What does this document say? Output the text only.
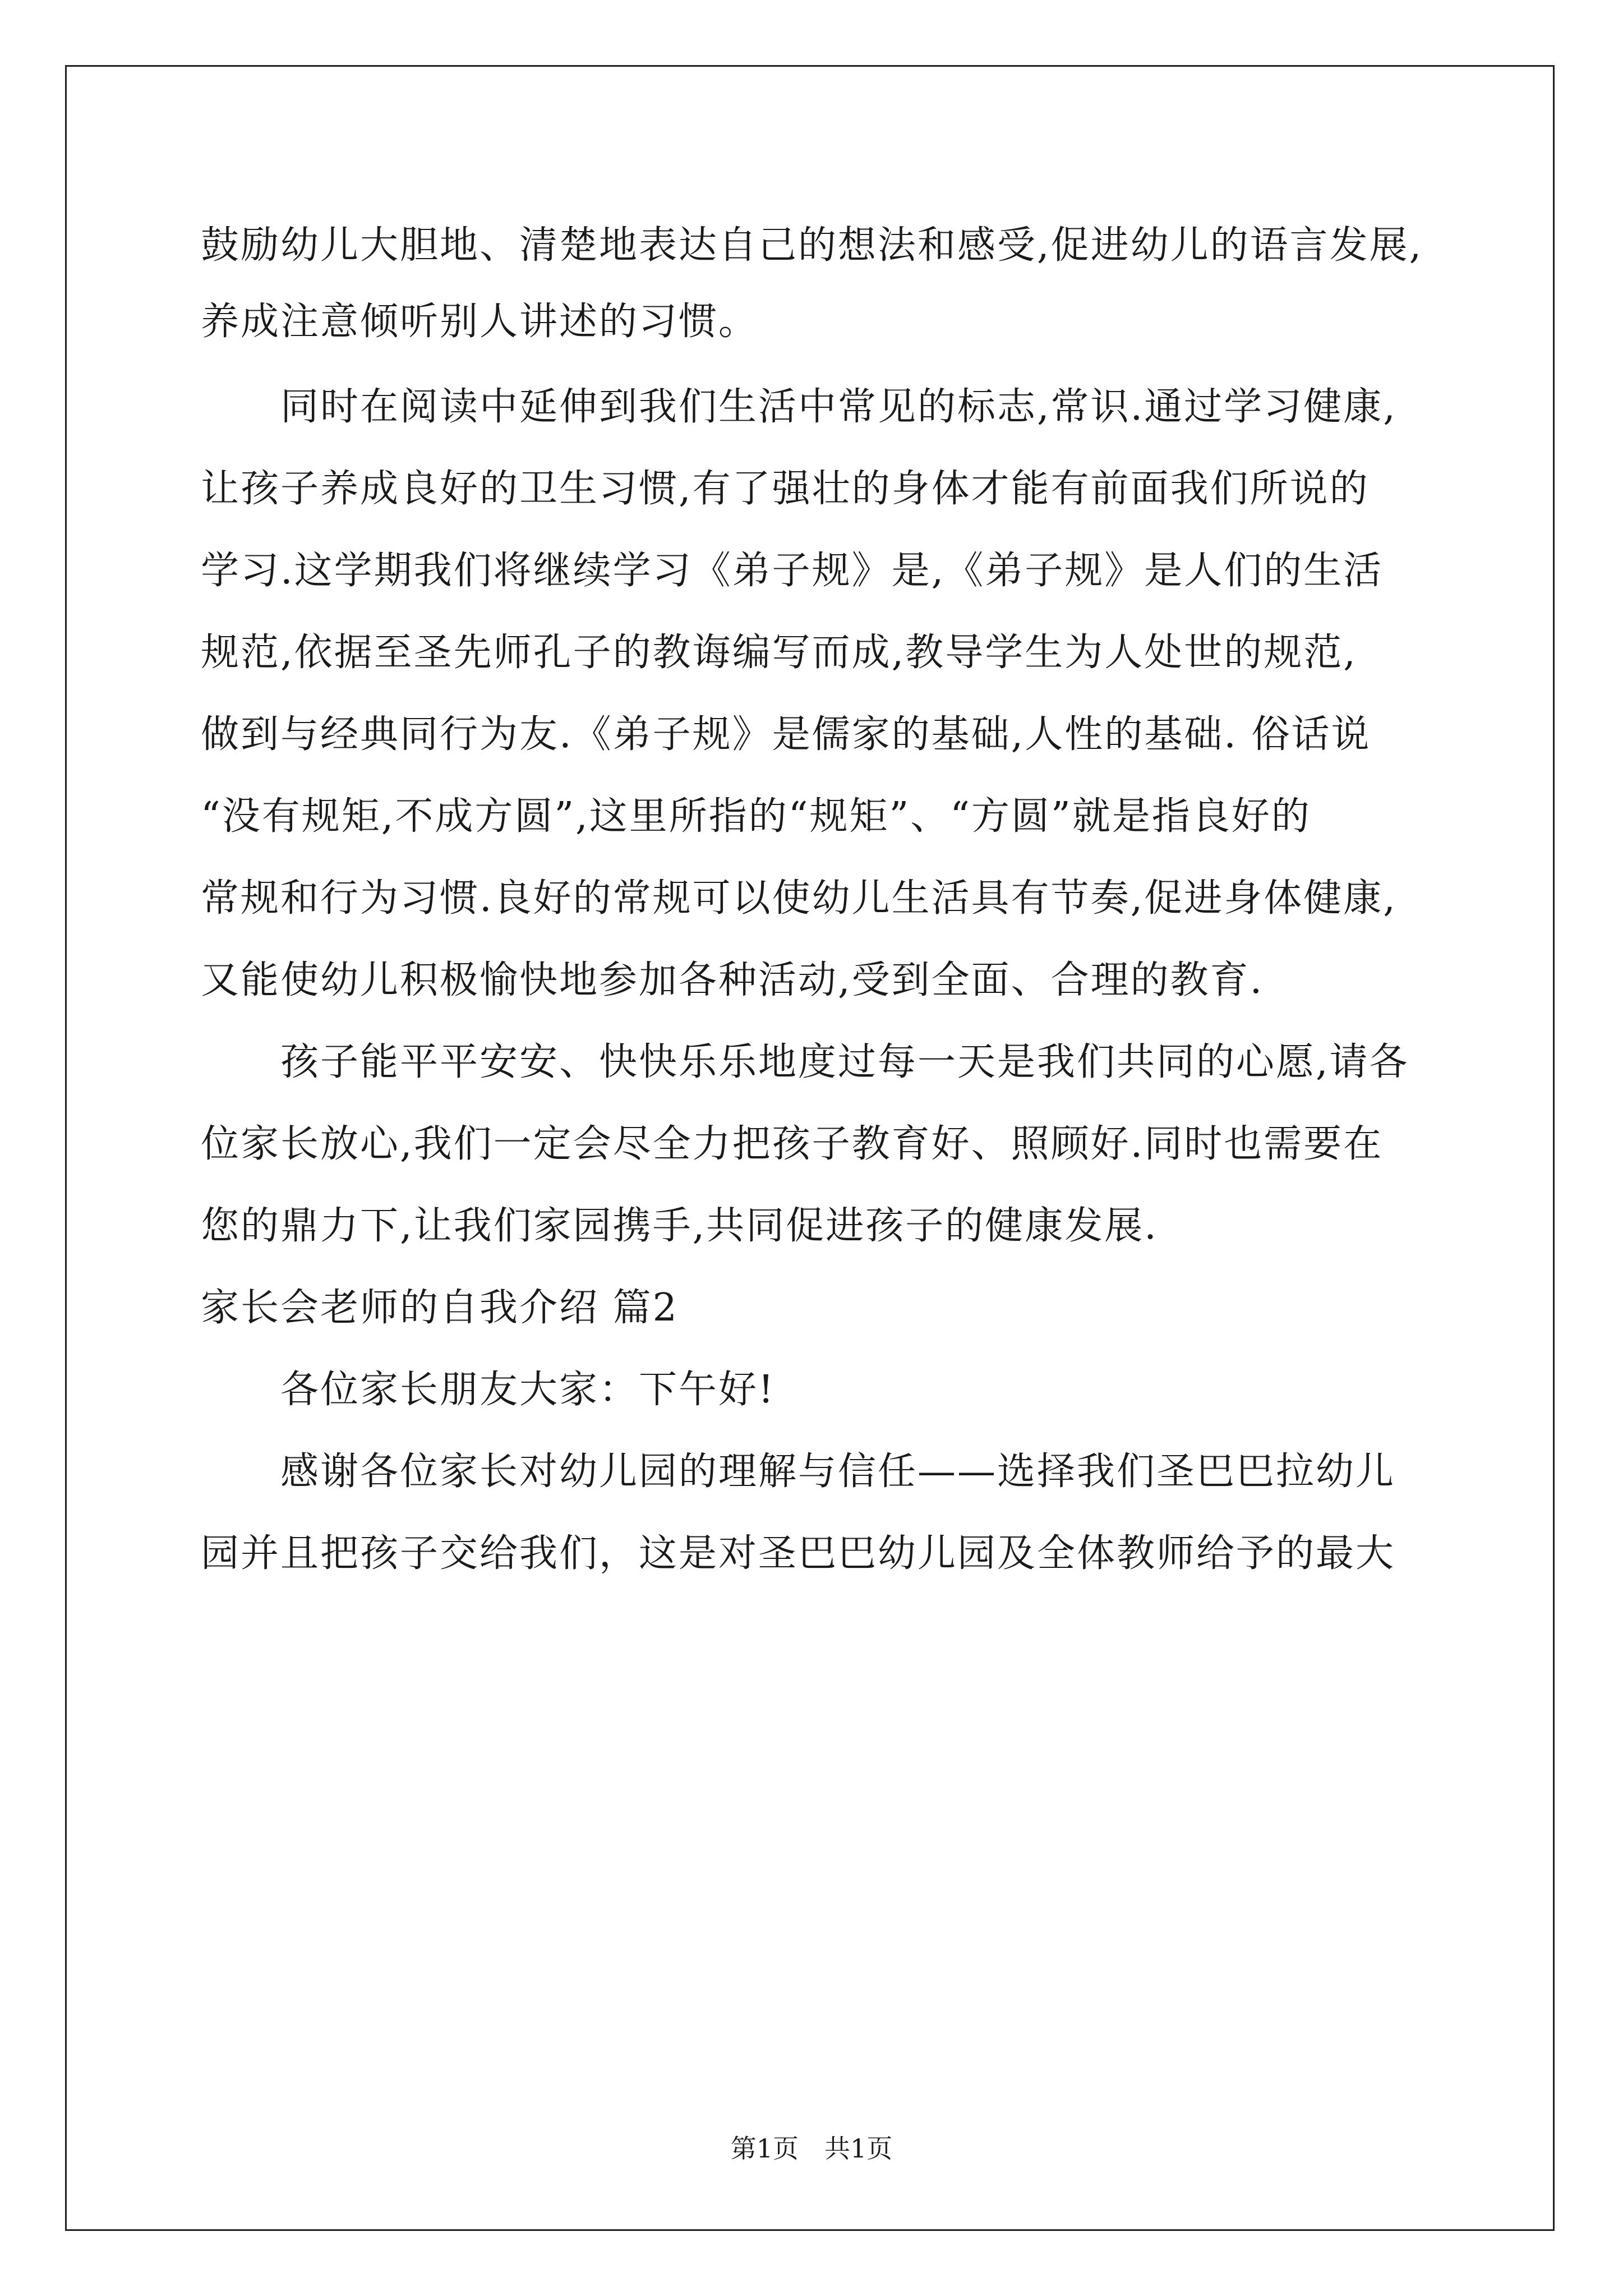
鼓励幼儿大胆地、清楚地表达自己的想法和感受,促进幼儿的语言发展,
养成注意倾听别人讲述的习惯。
同时在阅读中延伸到我们生活中常见的标志,常识.通过学习健康,
让孩子养成良好的卫生习惯,有了强壮的身体才能有前面我们所说的
学习.这学期我们将继续学习《弟子规》是,《弟子规》是人们的生活
规范,依据至圣先师孔子的教诲编写而成,教导学生为人处世的规范,
做到与经典同行为友.《弟子规》是儒家的基础,人性的基础. 俗话说
“没有规矩,不成方圆”,这里所指的“规矩”、“方圆”就是指良好的
常规和行为习惯.良好的常规可以使幼儿生活具有节奏,促进身体健康,
又能使幼儿积极愉快地参加各种活动,受到全面、合理的教育.
孩子能平平安安、快快乐乐地度过每一天是我们共同的心愿,请各
位家长放心,我们一定会尽全力把孩子教育好、照顾好.同时也需要在
您的鼎力下,让我们家园携手,共同促进孩子的健康发展.
家长会老师的自我介绍 篇2
各位家长朋友大家：下午好!
感谢各位家长对幼儿园的理解与信任——选择我们圣巴巴拉幼儿
园并且把孩子交给我们，这是对圣巴巴幼儿园及全体教师给予的最大
第1页　共1页
